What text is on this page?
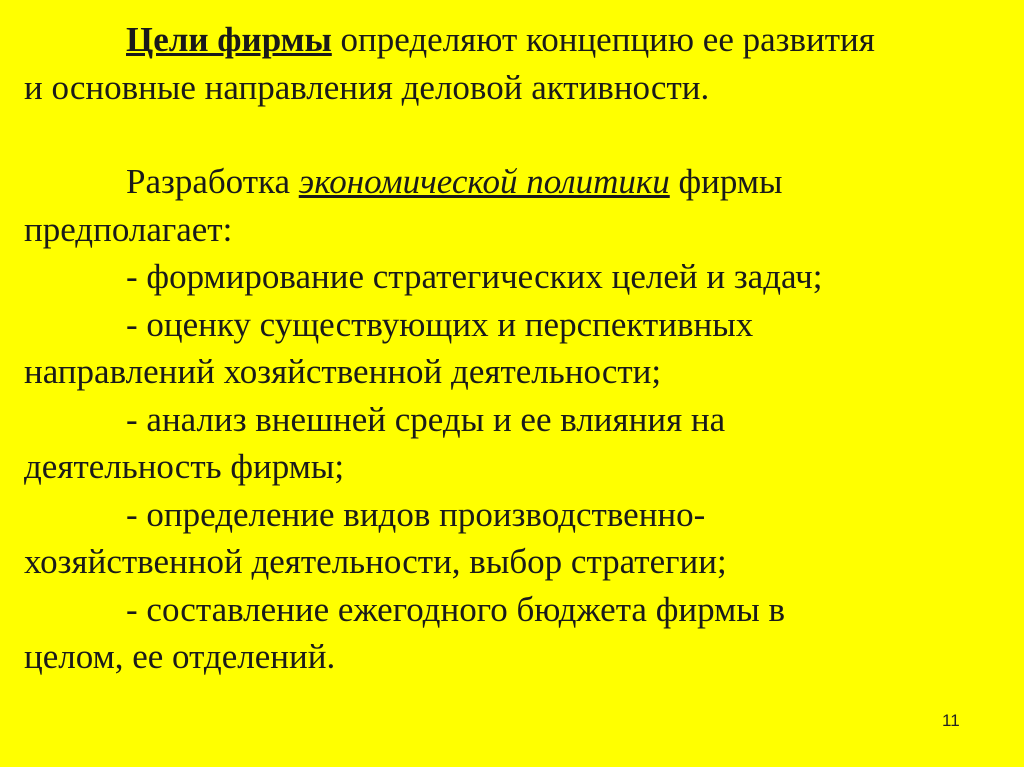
Цели фирмы определяют концепцию ее развития

и основные направления деловой активности.

Разработка экономической политики фирмы

предполагает:

- формирование стратегических целей и задач;

- оценку существующих и перспективных

направлений хозяйственной деятельности;

- анализ внешней среды и ее влияния на

деятельность фирмы;

- определение видов производственно-

хозяйственной деятельности, выбор стратегии;

- составление ежегодного бюджета фирмы в

целом, ее отделений.

11
